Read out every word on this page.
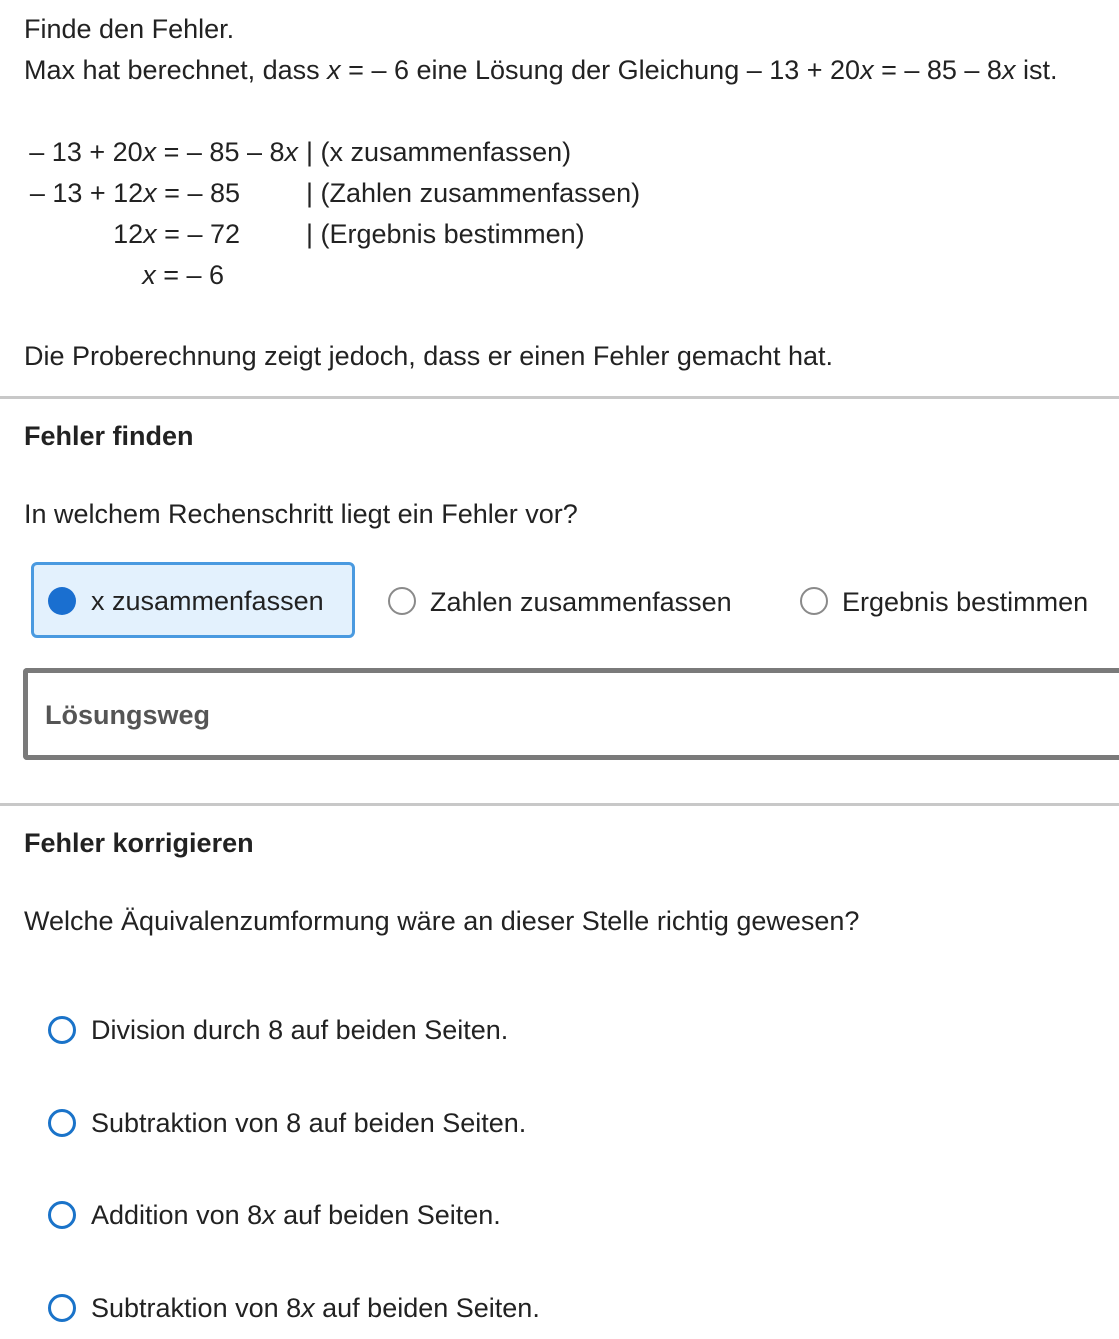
Finde den Fehler.
Max hat berechnet, dass x = – 6 eine Lösung der Gleichung – 13 + 20x = – 85 – 8x ist.
– 13 + 20x = – 85 – 8x | (x zusammenfassen)
– 13 + 12x = – 85 | (Zahlen zusammenfassen)
12x = – 72 | (Ergebnis bestimmen)
x = – 6
Die Proberechnung zeigt jedoch, dass er einen Fehler gemacht hat.
Fehler finden
In welchem Rechenschritt liegt ein Fehler vor?
x zusammenfassen	Zahlen zusammenfassen	Ergebnis bestimmen
Lösungsweg
Fehler korrigieren
Welche Äquivalenzumformung wäre an dieser Stelle richtig gewesen?
Division durch 8 auf beiden Seiten.
Subtraktion von 8 auf beiden Seiten.
Addition von 8x auf beiden Seiten.
Subtraktion von 8x auf beiden Seiten.
